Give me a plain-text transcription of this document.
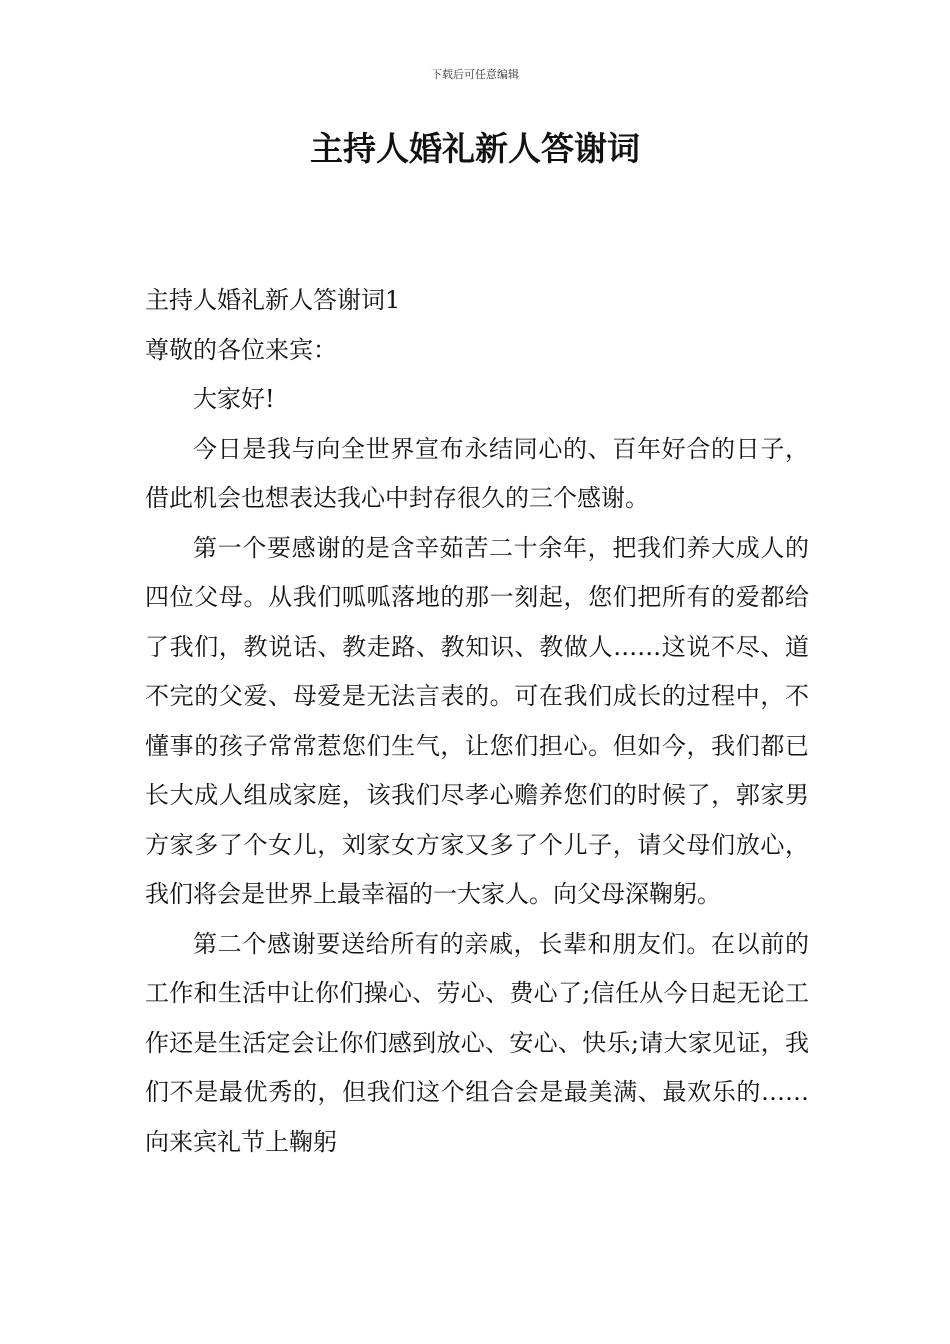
下载后可任意编辑
主持人婚礼新人答谢词

主持人婚礼新人答谢词1

尊敬的各位来宾：

大家好!

今日是我与向全世界宣布永结同心的、百年好合的日子，借此机会也想表达我心中封存很久的三个感谢。

第一个要感谢的是含辛茹苦二十余年，把我们养大成人的四位父母。从我们呱呱落地的那一刻起，您们把所有的爱都给了我们，教说话、教走路、教知识、教做人……这说不尽、道不完的父爱、母爱是无法言表的。可在我们成长的过程中，不懂事的孩子常常惹您们生气，让您们担心。但如今，我们都已长大成人组成家庭，该我们尽孝心赡养您们的时候了，郭家男方家多了个女儿，刘家女方家又多了个儿子，请父母们放心，我们将会是世界上最幸福的一大家人。向父母深鞠躬。

第二个感谢要送给所有的亲戚，长辈和朋友们。在以前的工作和生活中让你们操心、劳心、费心了;信任从今日起无论工作还是生活定会让你们感到放心、安心、快乐;请大家见证，我们不是最优秀的，但我们这个组合会是最美满、最欢乐的……向来宾礼节上鞠躬
